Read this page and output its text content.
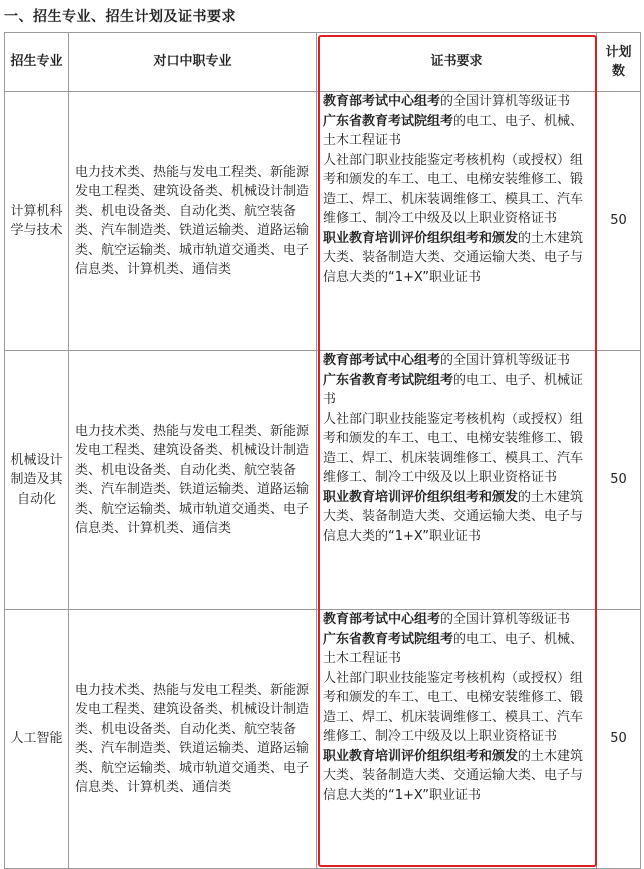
一、招生专业、招生计划及证书要求
招生专业	对口中职专业	证书要求	计划数
计算机科学与技术	电力技术类、热能与发电工程类、新能源发电工程类、建筑设备类、机械设计制造类、机电设备类、自动化类、航空装备类、汽车制造类、铁道运输类、道路运输类、航空运输类、城市轨道交通类、电子信息类、计算机类、通信类	教育部考试中心组考的全国计算机等级证书
广东省教育考试院组考的电工、电子、机械、土木工程证书
人社部门职业技能鉴定考核机构（或授权）组考和颁发的车工、电工、电梯安装维修工、锻造工、焊工、机床装调维修工、模具工、汽车维修工、制冷工中级及以上职业资格证书
职业教育培训评价组织组考和颁发的土木建筑大类、装备制造大类、交通运输大类、电子与信息大类的“1+X”职业证书	50
机械设计制造及其自动化	电力技术类、热能与发电工程类、新能源发电工程类、建筑设备类、机械设计制造类、机电设备类、自动化类、航空装备类、汽车制造类、铁道运输类、道路运输类、航空运输类、城市轨道交通类、电子信息类、计算机类、通信类	教育部考试中心组考的全国计算机等级证书
广东省教育考试院组考的电工、电子、机械证书
人社部门职业技能鉴定考核机构（或授权）组考和颁发的车工、电工、电梯安装维修工、锻造工、焊工、机床装调维修工、模具工、汽车维修工、制冷工中级及以上职业资格证书
职业教育培训评价组织组考和颁发的土木建筑大类、装备制造大类、交通运输大类、电子与信息大类的“1+X”职业证书	50
人工智能	电力技术类、热能与发电工程类、新能源发电工程类、建筑设备类、机械设计制造类、机电设备类、自动化类、航空装备类、汽车制造类、铁道运输类、道路运输类、航空运输类、城市轨道交通类、电子信息类、计算机类、通信类	教育部考试中心组考的全国计算机等级证书
广东省教育考试院组考的电工、电子、机械、土木工程证书
人社部门职业技能鉴定考核机构（或授权）组考和颁发的车工、电工、电梯安装维修工、锻造工、焊工、机床装调维修工、模具工、汽车维修工、制冷工中级及以上职业资格证书
职业教育培训评价组织组考和颁发的土木建筑大类、装备制造大类、交通运输大类、电子与信息大类的“1+X”职业证书	50
